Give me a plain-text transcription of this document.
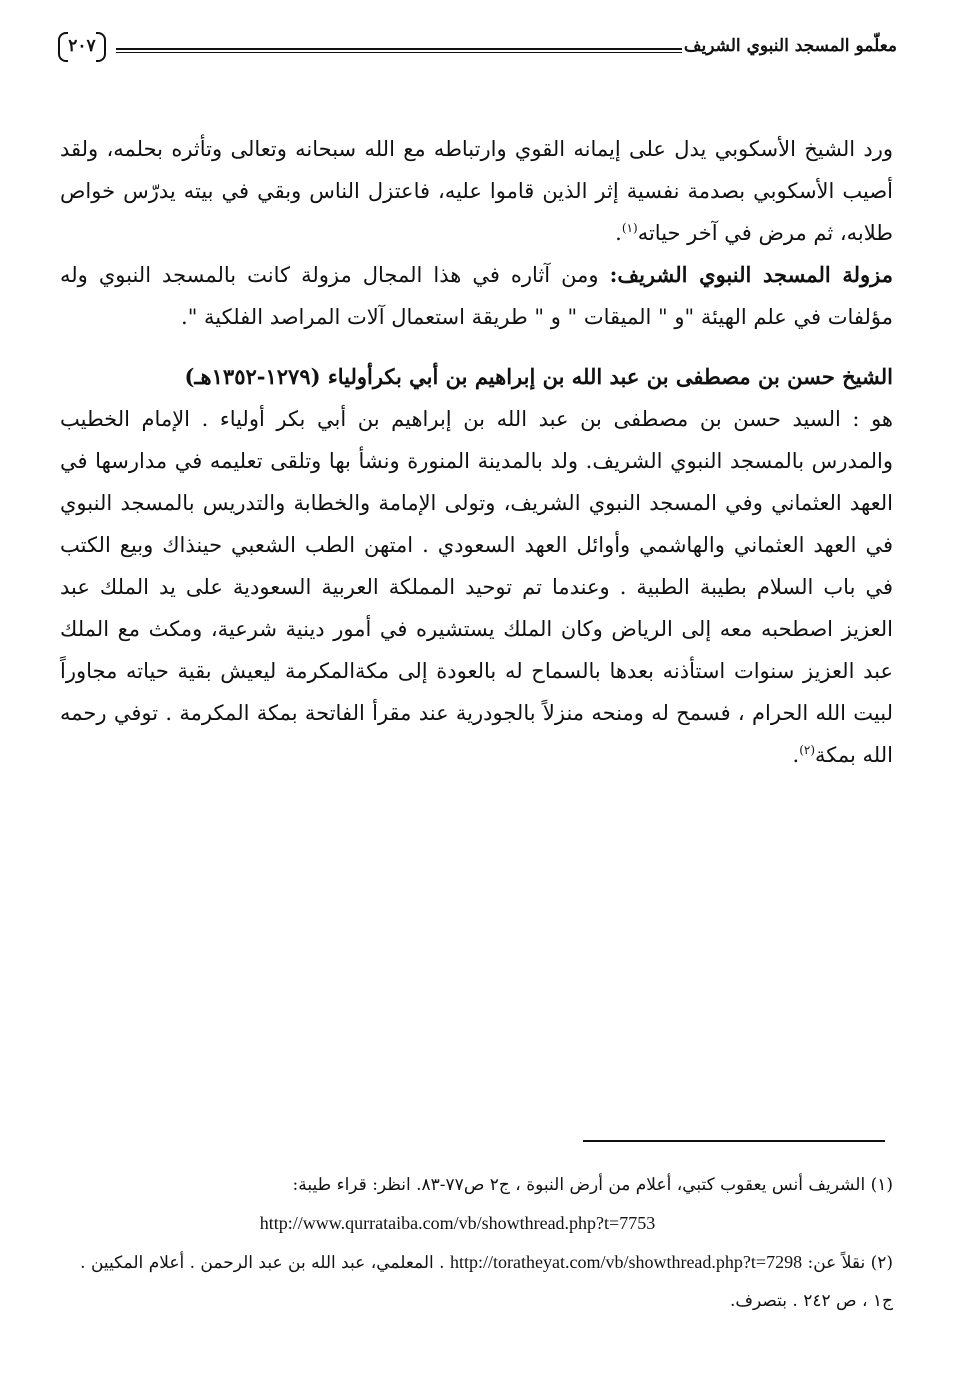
معلّمو المسجد النبوي الشريف
٢٠٧

ورد الشيخ الأسكوبي يدل على إيمانه القوي وارتباطه مع الله سبحانه وتعالى وتأثره بحلمه، ولقد أصيب الأسكوبي بصدمة نفسية إثر الذين قاموا عليه، فاعتزل الناس وبقي في بيته يدرّس خواص طلابه، ثم مرض في آخر حياته$^{(١)}$.

مزولة المسجد النبوي الشريف: ومن آثاره في هذا المجال مزولة كانت بالمسجد النبوي وله مؤلفات في علم الهيئة "و " الميقات " و " طريقة استعمال آلات المراصد الفلكية ".

الشيخ حسن بن مصطفى بن عبد الله بن إبراهيم بن أبي بكرأولياء (١٢٧٩-١٣٥٢هـ)

هو : السيد حسن بن مصطفى بن عبد الله بن إبراهيم بن أبي بكر أولياء . الإمام الخطيب والمدرس بالمسجد النبوي الشريف. ولد بالمدينة المنورة ونشأ بها وتلقى تعليمه في مدارسها في العهد العثماني وفي المسجد النبوي الشريف، وتولى الإمامة والخطابة والتدريس بالمسجد النبوي في العهد العثماني والهاشمي وأوائل العهد السعودي . امتهن الطب الشعبي حينذاك وبيع الكتب في باب السلام بطيبة الطبية . وعندما تم توحيد المملكة العربية السعودية على يد الملك عبد العزيز اصطحبه معه إلى الرياض وكان الملك يستشيره في أمور دينية شرعية، ومكث مع الملك عبد العزيز سنوات استأذنه بعدها بالسماح له بالعودة إلى مكةالمكرمة ليعيش بقية حياته مجاوراً لبيت الله الحرام ، فسمح له ومنحه منزلاً بالجودرية عند مقرأ الفاتحة بمكة المكرمة . توفي رحمه الله بمكة$^{(٢)}$.

(١) الشريف أنس يعقوب كتبي، أعلام من أرض النبوة ، ج٢ ص٧٧-٨٣. انظر: قراء طيبة:

http://www.qurrataiba.com/vb/showthread.php?t=7753

(٢) نقلاً عن: http://toratheyat.com/vb/showthread.php?t=7298 . المعلمي، عبد الله بن عبد الرحمن . أعلام المكيين . ج١ ، ص ٢٤٢ . بتصرف.
